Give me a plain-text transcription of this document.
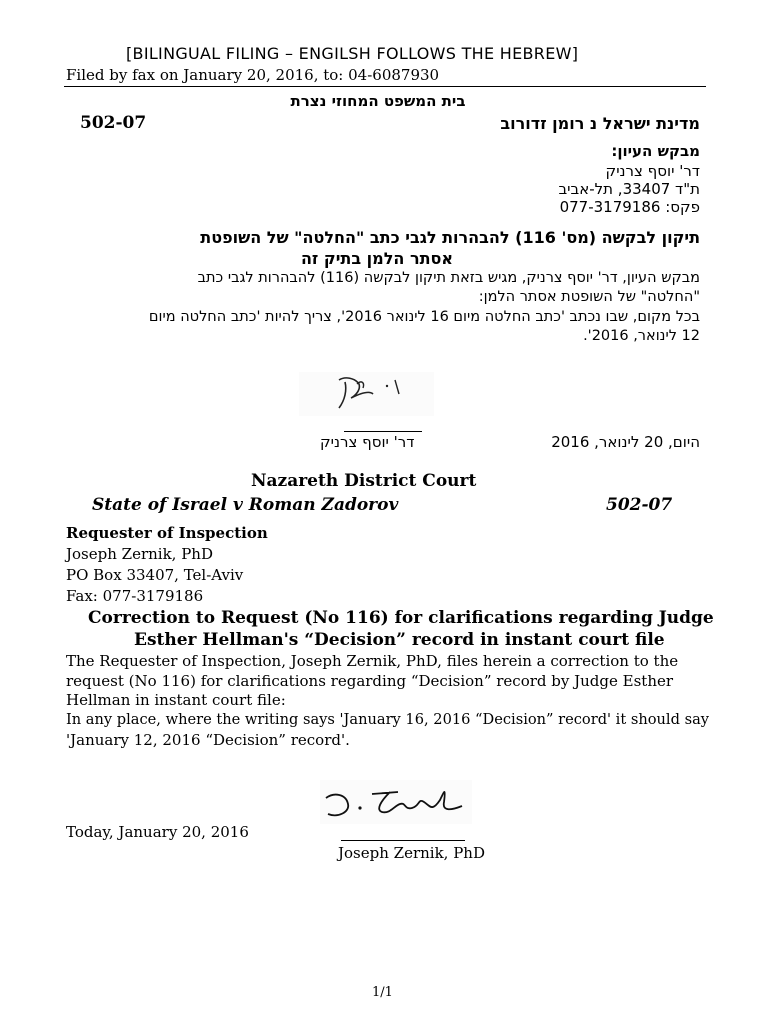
[BILINGUAL FILING – ENGILSH FOLLOWS THE HEBREW]
Filed by fax on January 20, 2016, to: 04-6087930
בית המשפט המחוזי נצרת
מדינת ישראל נ רומן זדורוב
502-07
מבקש העיון:
דר' יוסף צרניק
ת"ד 33407, תל-אביב
פקס: 077-3179186
תיקון לבקשה (מס' 116) להבהרות לגבי כתב "החלטה" של השופטת
אסתר הלמן בתיק זה
מבקש העיון, דר' יוסף צרניק, מגיש בזאת תיקון לבקשה (116) להבהרות לגבי כתב
"החלטה" של השופטת אסתר הלמן:
בכל מקום, שבו נכתב 'כתב החלטה מיום 16 לינואר 2016', צריך להיות 'כתב החלטה מיום
12 לינואר, 2016'.
היום, 20 לינואר, 2016
דר' יוסף צרניק
Nazareth District Court
State of Israel v Roman Zadorov	502-07
Requester of Inspection
Joseph Zernik, PhD
PO Box 33407, Tel-Aviv
Fax: 077-3179186
Correction to Request (No 116) for clarifications regarding Judge
Esther Hellman's “Decision” record in instant court file
The Requester of Inspection, Joseph Zernik, PhD, files herein a correction to the
request (No 116) for clarifications regarding “Decision” record by Judge Esther
Hellman in instant court file:
In any place, where the writing says 'January 16, 2016 “Decision” record' it should say
'January 12, 2016 “Decision” record'.
Today, January 20, 2016
Joseph Zernik, PhD
1/1
